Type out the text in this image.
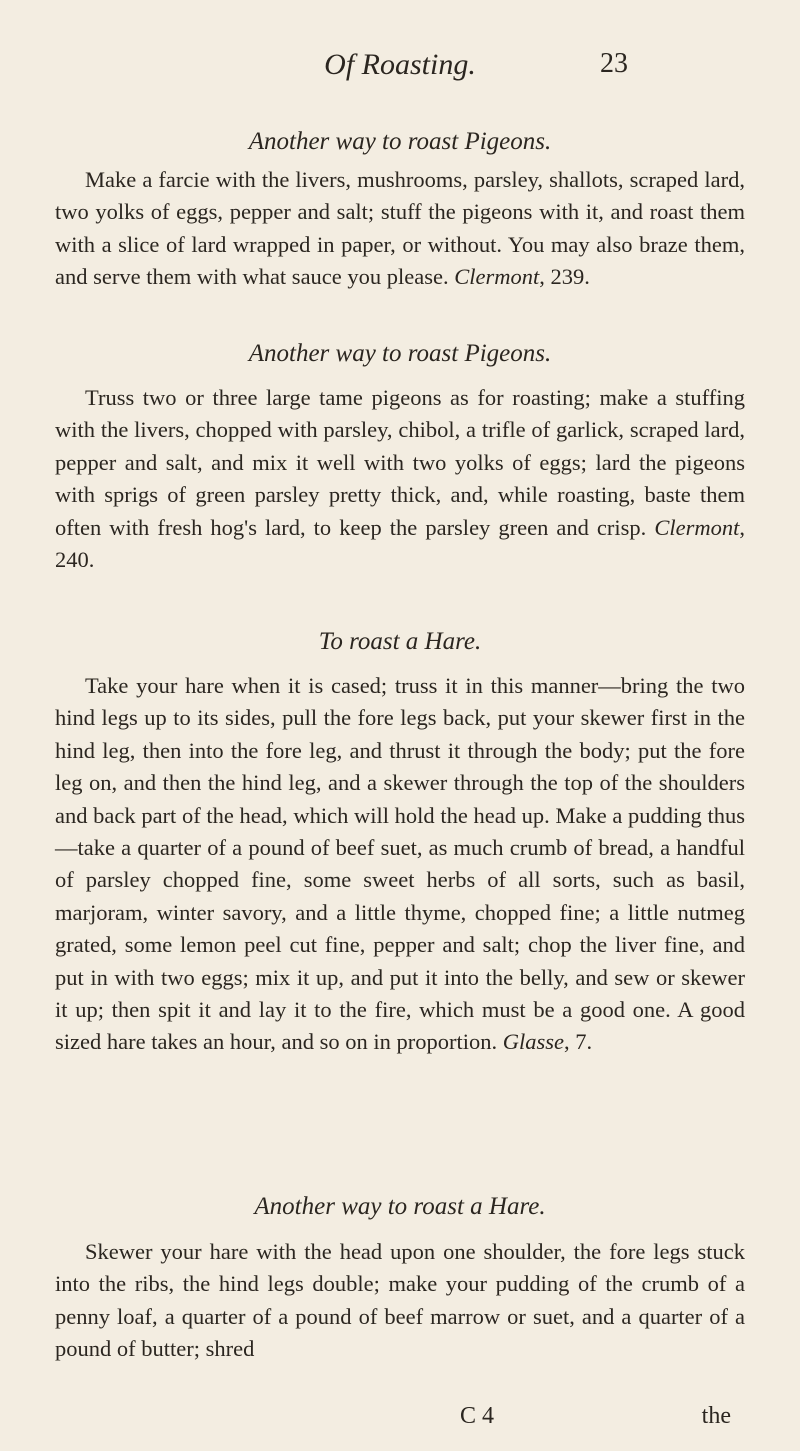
Of Roasting.	23
Another way to roast Pigeons.

Make a farcie with the livers, mushrooms, parsley, shallots, scraped lard, two yolks of eggs, pepper and salt; stuff the pigeons with it, and roast them with a slice of lard wrapped in paper, or without. You may also braze them, and serve them with what sauce you please. Clermont, 239.

Another way to roast Pigeons.

Truss two or three large tame pigeons as for roasting; make a stuffing with the livers, chopped with parsley, chibol, a trifle of garlick, scraped lard, pepper and salt, and mix it well with two yolks of eggs; lard the pigeons with sprigs of green parsley pretty thick, and, while roasting, baste them often with fresh hog's lard, to keep the parsley green and crisp. Clermont, 240.

To roast a Hare.

Take your hare when it is cased; truss it in this manner—bring the two hind legs up to its sides, pull the fore legs back, put your skewer first in the hind leg, then into the fore leg, and thrust it through the body; put the fore leg on, and then the hind leg, and a skewer through the top of the shoulders and back part of the head, which will hold the head up. Make a pudding thus—take a quarter of a pound of beef suet, as much crumb of bread, a handful of parsley chopped fine, some sweet herbs of all sorts, such as basil, marjoram, winter savory, and a little thyme, chopped fine; a little nutmeg grated, some lemon peel cut fine, pepper and salt; chop the liver fine, and put in with two eggs; mix it up, and put it into the belly, and sew or skewer it up; then spit it and lay it to the fire, which must be a good one. A good sized hare takes an hour, and so on in proportion. Glasse, 7.

Another way to roast a Hare.

Skewer your hare with the head upon one shoulder, the fore legs stuck into the ribs, the hind legs double; make your pudding of the crumb of a penny loaf, a quarter of a pound of beef marrow or suet, and a quarter of a pound of butter; shred

C 4	the
